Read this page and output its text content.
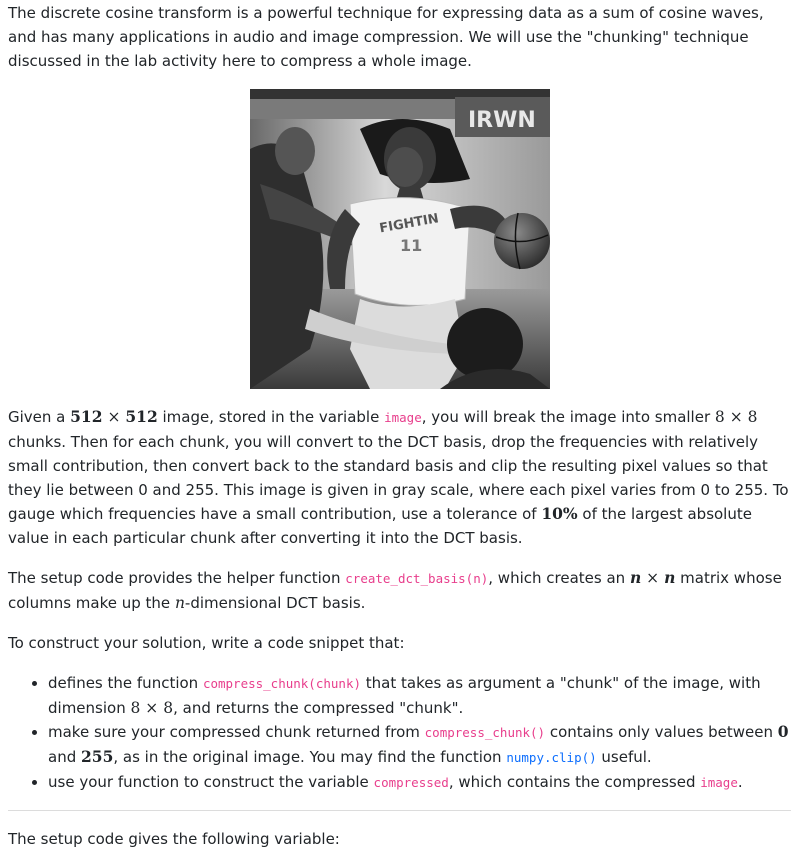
The discrete cosine transform is a powerful technique for expressing data as a sum of cosine waves, and has many applications in audio and image compression. We will use the "chunking" technique discussed in the lab activity here to compress a whole image.

IRWN
FIGHTIN
11

Given a 512 × 512 image, stored in the variable image, you will break the image into smaller 8 × 8 chunks. Then for each chunk, you will convert to the DCT basis, drop the frequencies with relatively small contribution, then convert back to the standard basis and clip the resulting pixel values so that they lie between 0 and 255. This image is given in gray scale, where each pixel varies from 0 to 255. To gauge which frequencies have a small contribution, use a tolerance of 10% of the largest absolute value in each particular chunk after converting it into the DCT basis.

The setup code provides the helper function create_dct_basis(n), which creates an n × n matrix whose columns make up the n-dimensional DCT basis.

To construct your solution, write a code snippet that:

• defines the function compress_chunk(chunk) that takes as argument a "chunk" of the image, with dimension 8 × 8, and returns the compressed "chunk".
• make sure your compressed chunk returned from compress_chunk() contains only values between 0 and 255, as in the original image. You may find the function numpy.clip() useful.
• use your function to construct the variable compressed, which contains the compressed image.

The setup code gives the following variable:
